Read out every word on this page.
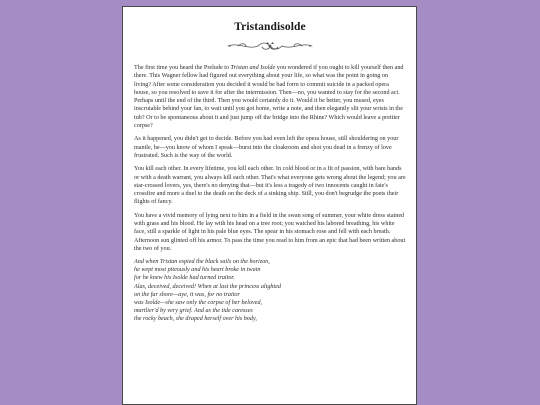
Tristandisolde

The first time you heard the Prelude to Tristan and Isolde you wondered if you ought to kill yourself then and there. This Wagner fellow had figured out everything about your life, so what was the point in going on living? After some consideration you decided it would be bad form to commit suicide in a packed opera house, so you resolved to save it for after the intermission. Then—no, you wanted to stay for the second act. Perhaps until the end of the third. Then you would certainly do it. Would it be better, you mused, eyes inscrutable behind your fan, to wait until you got home, write a note, and then elegantly slit your wrists in the tub? Or to be spontaneous about it and just jump off the bridge into the Rhine? Which would leave a prettier corpse?

As it happened, you didn't get to decide. Before you had even left the opera house, still shouldering on your mantle, he—you know of whom I speak—burst into the cloakroom and shot you dead in a frenzy of love frustrated. Such is the way of the world.

You kill each other. In every lifetime, you kill each other. In cold blood or in a fit of passion, with bare hands or with a death warrant, you always kill each other. That's what everyone gets wrong about the legend; you are star-crossed lovers, yes, there's no denying that—but it's less a tragedy of two innocents caught in fate's crossfire and more a duel to the death on the deck of a sinking ship. Still, you don't begrudge the poets their flights of fancy.

You have a vivid memory of lying next to him in a field in the swan song of summer, your white dress stained with grass and his blood. He lay with his head on a tree root; you watched his labored breathing, his white face, still a sparkle of light in his pale blue eyes. The spear in his stomach rose and fell with each breath. Afternoon sun glinted off his armor. To pass the time you read to him from an epic that had been written about the two of you.

And when Tristan espied the black sails on the horizon,
he wept most piteously and his heart broke in twain
for he knew his Isolde had turned traitor.
Alas, deceived, deceived! When at last the princess alighted
on the far shore—aye, it was, for no traitor
was Isolde—she saw only the corpse of her beloved,
martlier'd by very grief. And as the tide caresses
the rocky beach, she draped herself over his body,
